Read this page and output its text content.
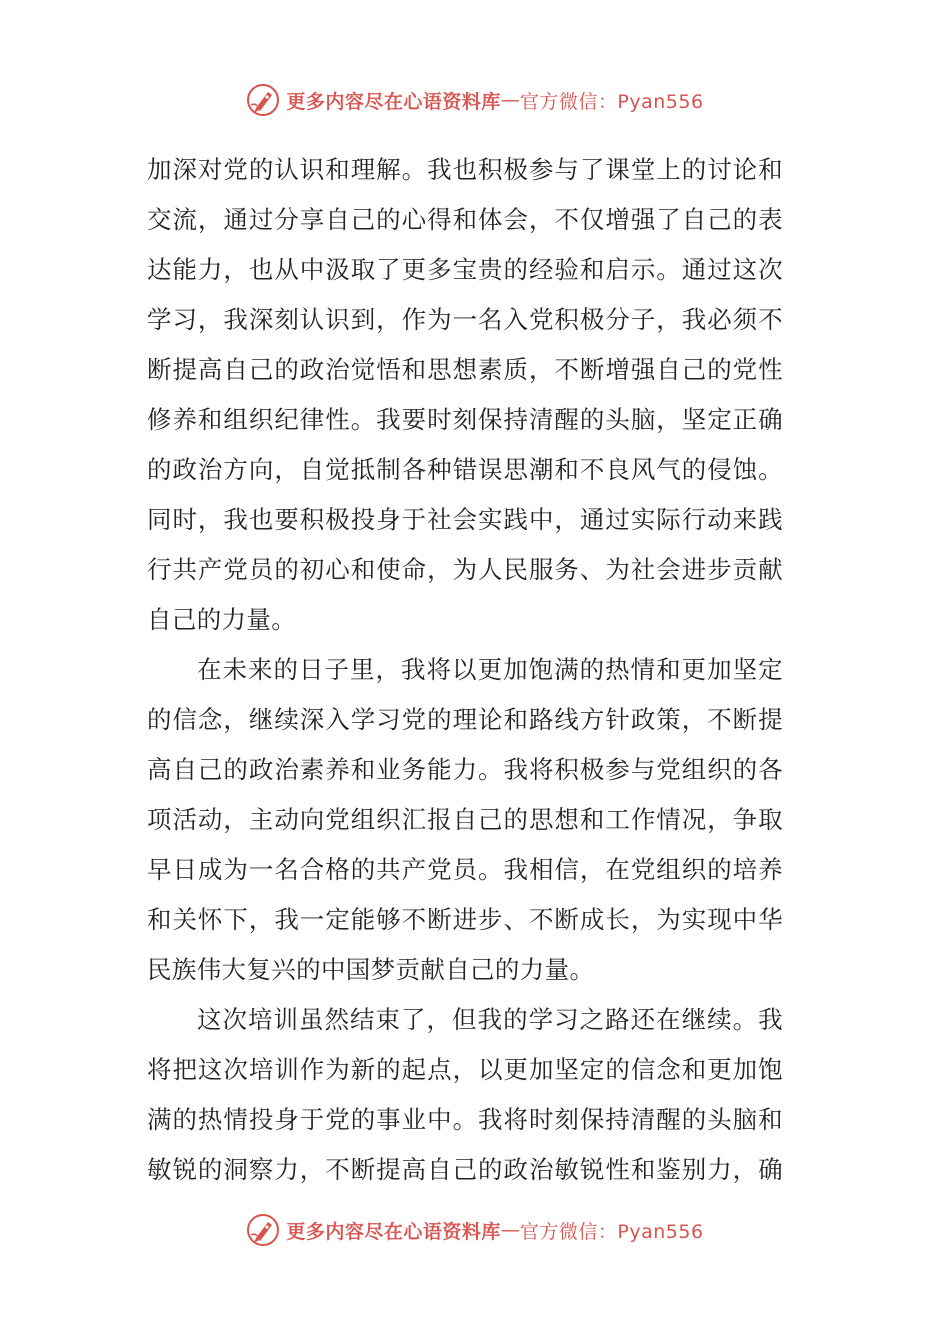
更多内容尽在心语资料库 — 官方微信：Pyan556
加深对党的认识和理解。我也积极参与了课堂上的讨论和
交流，通过分享自己的心得和体会，不仅增强了自己的表
达能力，也从中汲取了更多宝贵的经验和启示。通过这次
学习，我深刻认识到，作为一名入党积极分子，我必须不
断提高自己的政治觉悟和思想素质，不断增强自己的党性
修养和组织纪律性。我要时刻保持清醒的头脑，坚定正确
的政治方向，自觉抵制各种错误思潮和不良风气的侵蚀。
同时，我也要积极投身于社会实践中，通过实际行动来践
行共产党员的初心和使命，为人民服务、为社会进步贡献
自己的力量。
在未来的日子里，我将以更加饱满的热情和更加坚定
的信念，继续深入学习党的理论和路线方针政策，不断提
高自己的政治素养和业务能力。我将积极参与党组织的各
项活动，主动向党组织汇报自己的思想和工作情况，争取
早日成为一名合格的共产党员。我相信，在党组织的培养
和关怀下，我一定能够不断进步、不断成长，为实现中华
民族伟大复兴的中国梦贡献自己的力量。
这次培训虽然结束了，但我的学习之路还在继续。我
将把这次培训作为新的起点，以更加坚定的信念和更加饱
满的热情投身于党的事业中。我将时刻保持清醒的头脑和
敏锐的洞察力，不断提高自己的政治敏锐性和鉴别力，确
更多内容尽在心语资料库 — 官方微信：Pyan556
